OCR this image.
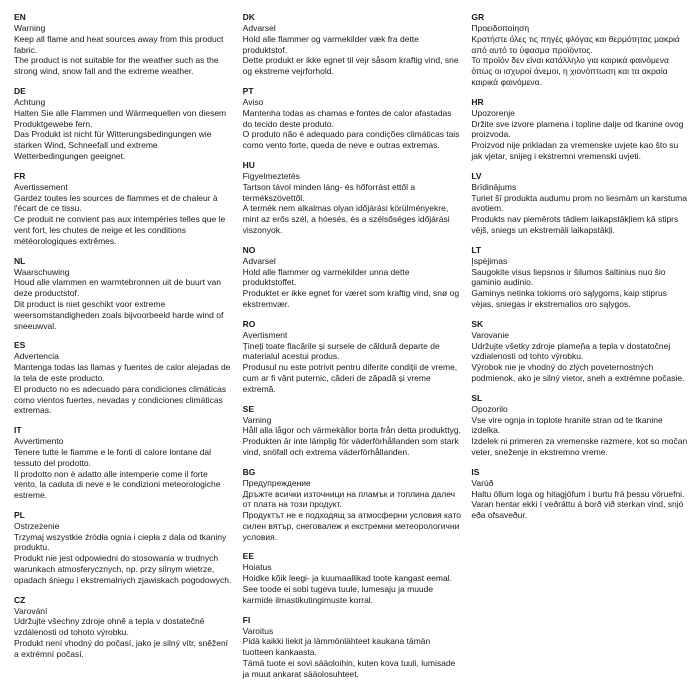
EN
Warning
Keep all flame and heat sources away from this product fabric.
The product is not suitable for the weather such as the strong wind, snow fall and the extreme weather.
DE
Achtung
Halten Sie alle Flammen und Wärmequellen von diesem Produktgewebe fern.
Das Produkt ist nicht für Witterungsbedingungen wie starken Wind, Schneefall und extreme Wetterbedingungen geeignet.
FR
Avertissement
Gardez toutes les sources de flammes et de chaleur à l'écart de ce tissu.
Ce produit ne convient pas aux intempéries telles que le vent fort, les chutes de neige et les conditions météorologiques extrêmes.
NL
Waarschuwing
Houd alle vlammen en warmtebronnen uit de buurt van deze productstof.
Dit product is niet geschikt voor extreme weersomstandigheden zoals bijvoorbeeld harde wind of sneeuwval.
ES
Advertencia
Mantenga todas las llamas y fuentes de calor alejadas de la tela de este producto.
El producto no es adecuado para condiciones climáticas como vientos fuertes, nevadas y condiciones climáticas extremas.
IT
Avvertimento
Tenere tutte le fiamme e le fonti di calore lontane dal tessuto del prodotto.
Il prodotto non è adatto alle intemperie come il forte vento, la caduta di neve e le condizioni meteorologiche estreme.
PL
Ostrzeżenie
Trzymaj wszystkie źródła ognia i ciepła z dala od tkaniny produktu.
Produkt nie jest odpowiedni do stosowania w trudnych warunkach atmosferycznych, np. przy silnym wietrze, opadach śniegu i ekstremalnych zjawiskach pogodowych.
CZ
Varování
Udržujte všechny zdroje ohně a tepla v dostatečné vzdálenosti od tohoto výrobku.
Produkt není vhodný do počasí, jako je silný vítr, sněžení a extrémní počasí.
DK
Advarsel
Hold alle flammer og varmekilder væk fra dette produktstof.
Dette produkt er ikke egnet til vejr såsom kraftig vind, sne og ekstreme vejrforhold.
PT
Aviso
Mantenha todas as chamas e fontes de calor afastadas do tecido deste produto.
O produto não é adequado para condições climáticas tais como vento forte, queda de neve e outras extremas.
HU
Figyelmeztetés
Tartson távol minden láng- és hőforrást ettől a termékszövettől.
A termék nem alkalmas olyan időjárási körülményekre, mint az erős szél, a hóesés, és a szélsőséges időjárási viszonyok.
NO
Advarsel
Hold alle flammer og varmekilder unna dette produktstoffet.
Produktet er ikke egnet for været som kraftig vind, snø og ekstremvær.
RO
Avertisment
Țineți toate flacările și sursele de căldură departe de materialul acestui produs.
Produsul nu este potrivit pentru diferite condiții de vreme, cum ar fi vânt puternic, căderi de zăpadă și vreme extremă.
SE
Varning
Håll alla lågor och värmekällor borta från detta produkttyg.
Produkten är inte lämplig för väderförhållanden som stark vind, snöfall och extrema väderförhållanden.
BG
Предупреждение
Дръжте всички източници на пламък и топлина далеч от плата на този продукт.
Продуктът не е подходящ за атмосферни условия като силен вятър, снеговалеж и екстремни метеорологични условия.
EE
Hoiatus
Hoidke kõik leegi- ja kuumaallikad toote kangast eemal.
See toode ei sobi tugeva tuule, lumesaju ja muude karmide ilmastikutingimuste korral.
FI
Varoitus
Pidä kaikki liekit ja lämmönlähteet kaukana tämän tuotteen kankaasta.
Tämä tuote ei sovi sääoloihin, kuten kova tuuli, lumisade ja muut ankarat sääolosuhteet.
GR
Προειδοποίηση
Κρατήστε όλες τις πηγές φλόγας και θερμότητας μακριά από αυτό το ύφασμα προϊόντος.
Το προϊόν δεν είναι κατάλληλο για καιρικά φαινόμενα όπως οι ισχυροί άνεμοι, η χιονόπτωση και τα ακραία καιρικά φαινόμενα.
HR
Upozorenje
Držite sve izvore plamena i topline dalje od tkanine ovog proizvoda.
Proizvod nije prikladan za vremenske uvjete kao što su jak vjetar, snijeg i ekstremni vremenski uvjeti.
LV
Brīdinājums
Turiet šī produkta audumu prom no liesmām un karstuma avotiem.
Produkts nav piemērots tādiem laikapstākļiem kā stiprs vējš, sniegs un ekstremāli laikapstākļi.
LT
Įspėjimas
Saugokite visus liepsnos ir šilumos šaltinius nuo šio gaminio audinio.
Gaminys netinka tokioms oro sąlygoms, kaip stiprus vėjas, sniegas ir ekstremalios oro sąlygos.
SK
Varovanie
Udržujte všetky zdroje plameňa a tepla v dostatočnej vzdialenosti od tohto výrobku.
Výrobok nie je vhodný do zlých poveternostných podmienok, ako je silný vietor, sneh a extrémne počasie.
SL
Opozorilo
Vse vire ognja in toplote hranite stran od te tkanine izdelka.
Izdelek ni primeren za vremenske razmere, kot so močan veter, sneženje in ekstremno vreme.
IS
Varúð
Haltu öllum loga og hitagjöfum í burtu frá þessu vöruefni.
Varan hentar ekki í veðráttu á borð við sterkan vind, snjó eða ofsaveður.
